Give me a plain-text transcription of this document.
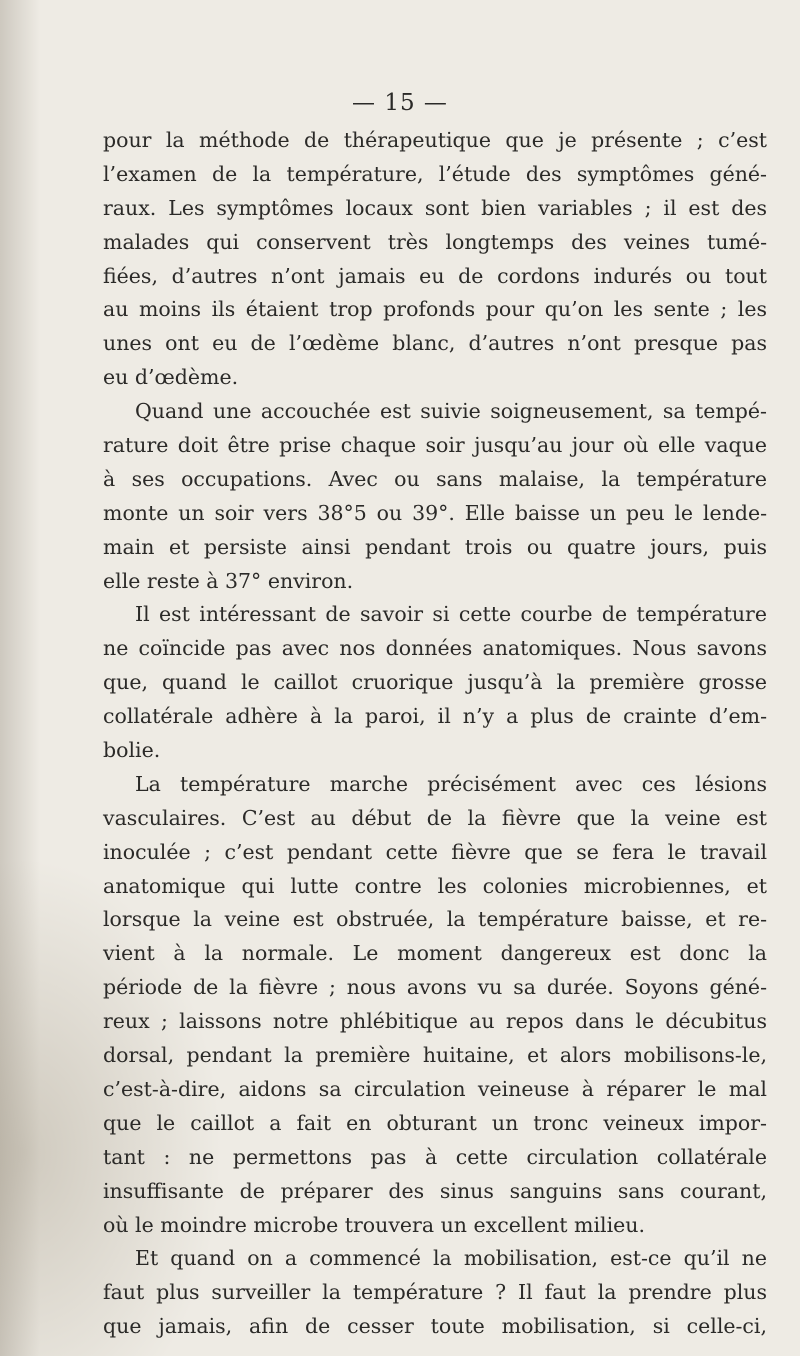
— 15 —
pour la méthode de thérapeutique que je présente ; c’est
l’examen de la température, l’étude des symptômes géné-
raux. Les symptômes locaux sont bien variables ; il est des
malades qui conservent très longtemps des veines tumé-
fiées, d’autres n’ont jamais eu de cordons indurés ou tout
au moins ils étaient trop profonds pour qu’on les sente ; les
unes ont eu de l’œdème blanc, d’autres n’ont presque pas
eu d’œdème.
Quand une accouchée est suivie soigneusement, sa tempé-
rature doit être prise chaque soir jusqu’au jour où elle vaque
à ses occupations. Avec ou sans malaise, la température
monte un soir vers 38°5 ou 39°. Elle baisse un peu le lende-
main et persiste ainsi pendant trois ou quatre jours, puis
elle reste à 37° environ.
Il est intéressant de savoir si cette courbe de température
ne coïncide pas avec nos données anatomiques. Nous savons
que, quand le caillot cruorique jusqu’à la première grosse
collatérale adhère à la paroi, il n’y a plus de crainte d’em-
bolie.
La température marche précisément avec ces lésions
vasculaires. C’est au début de la fièvre que la veine est
inoculée ; c’est pendant cette fièvre que se fera le travail
anatomique qui lutte contre les colonies microbiennes, et
lorsque la veine est obstruée, la température baisse, et re-
vient à la normale. Le moment dangereux est donc la
période de la fièvre ; nous avons vu sa durée. Soyons géné-
reux ; laissons notre phlébitique au repos dans le décubitus
dorsal, pendant la première huitaine, et alors mobilisons-le,
c’est-à-dire, aidons sa circulation veineuse à réparer le mal
que le caillot a fait en obturant un tronc veineux impor-
tant : ne permettons pas à cette circulation collatérale
insuffisante de préparer des sinus sanguins sans courant,
où le moindre microbe trouvera un excellent milieu.
Et quand on a commencé la mobilisation, est-ce qu’il ne
faut plus surveiller la température ? Il faut la prendre plus
que jamais, afin de cesser toute mobilisation, si celle-ci,
